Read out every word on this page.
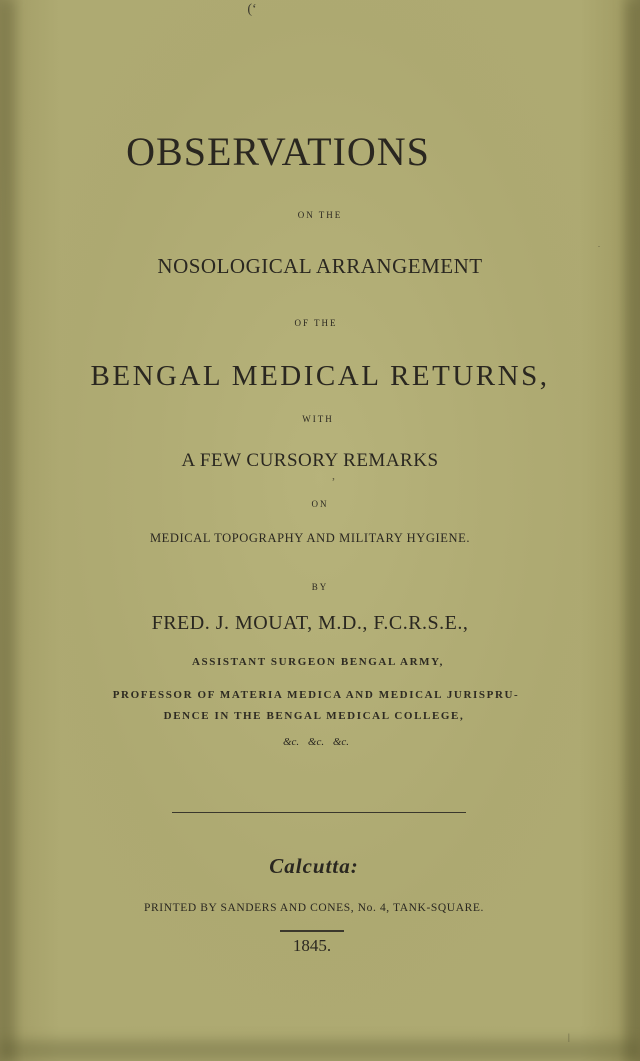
(‘
OBSERVATIONS
ON THE
NOSOLOGICAL ARRANGEMENT
OF THE
BENGAL MEDICAL RETURNS,
WITH
A FEW CURSORY REMARKS
ON
MEDICAL TOPOGRAPHY AND MILITARY HYGIENE.
BY
FRED. J. MOUAT, M.D., F.C.R.S.E.,
ASSISTANT SURGEON BENGAL ARMY,
PROFESSOR OF MATERIA MEDICA AND MEDICAL JURISPRU-
DENCE IN THE BENGAL MEDICAL COLLEGE,
&c. &c. &c.
Calcutta:
PRINTED BY SANDERS AND CONES, No. 4, TANK-SQUARE.
1845.
,
.
|
